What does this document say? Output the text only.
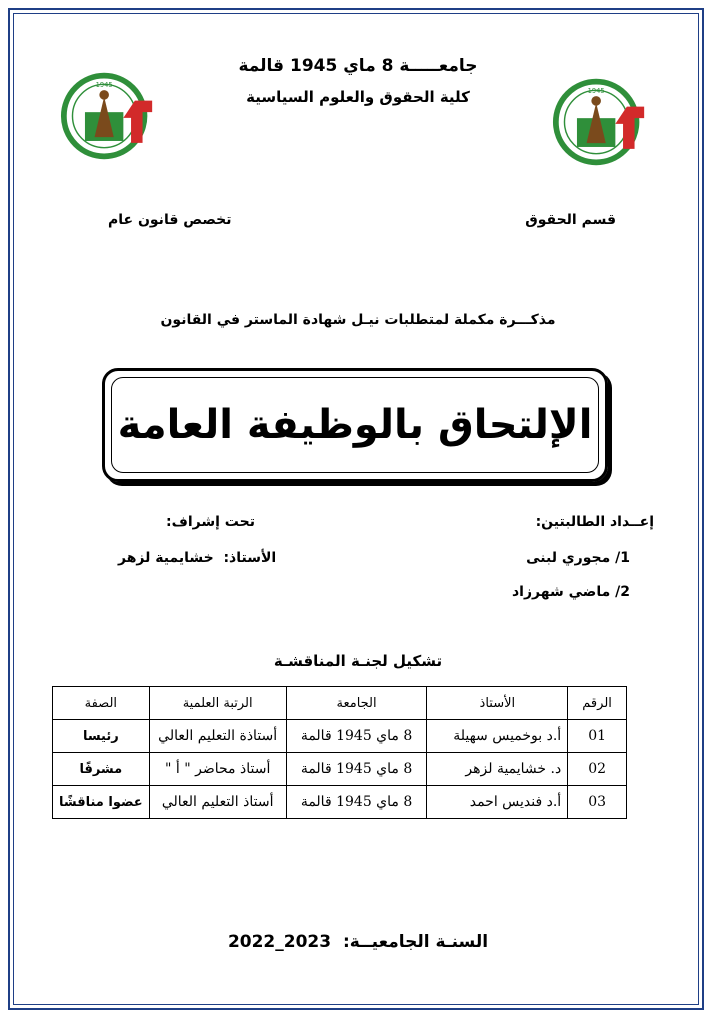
1945
1945
جامعـــــة 8 ماي 1945 قالمة
كلية الحقوق والعلوم السياسية
قسم الحقوق
تخصص قانون عام
مذكـــرة مكملة لمتطلبات نيـل شهادة الماستر في القانون
الإلتحاق بالوظيفة العامة
إعــداد الطالبتين:
1/ مجوري لبنى
2/ ماضي شهرزاد
تحت إشراف:
الأستاذ:  خشايمية لزهر
تشكيل لجنـة المناقشـة
الرقم	الأستاذ	الجامعة	الرتبة العلمية	الصفة
01	أ.د بوخميس سهيلة	8 ماي 1945 قالمة	أستاذة التعليم العالي	رئيسا
02	د. خشايمية لزهر	8 ماي 1945 قالمة	أستاذ محاضر " أ "	مشرفًا
03	أ.د فنديس احمد	8 ماي 1945 قالمة	أستاذ التعليم العالي	عضوا مناقشًا
السنـة الجامعيــة:  2023_2022
